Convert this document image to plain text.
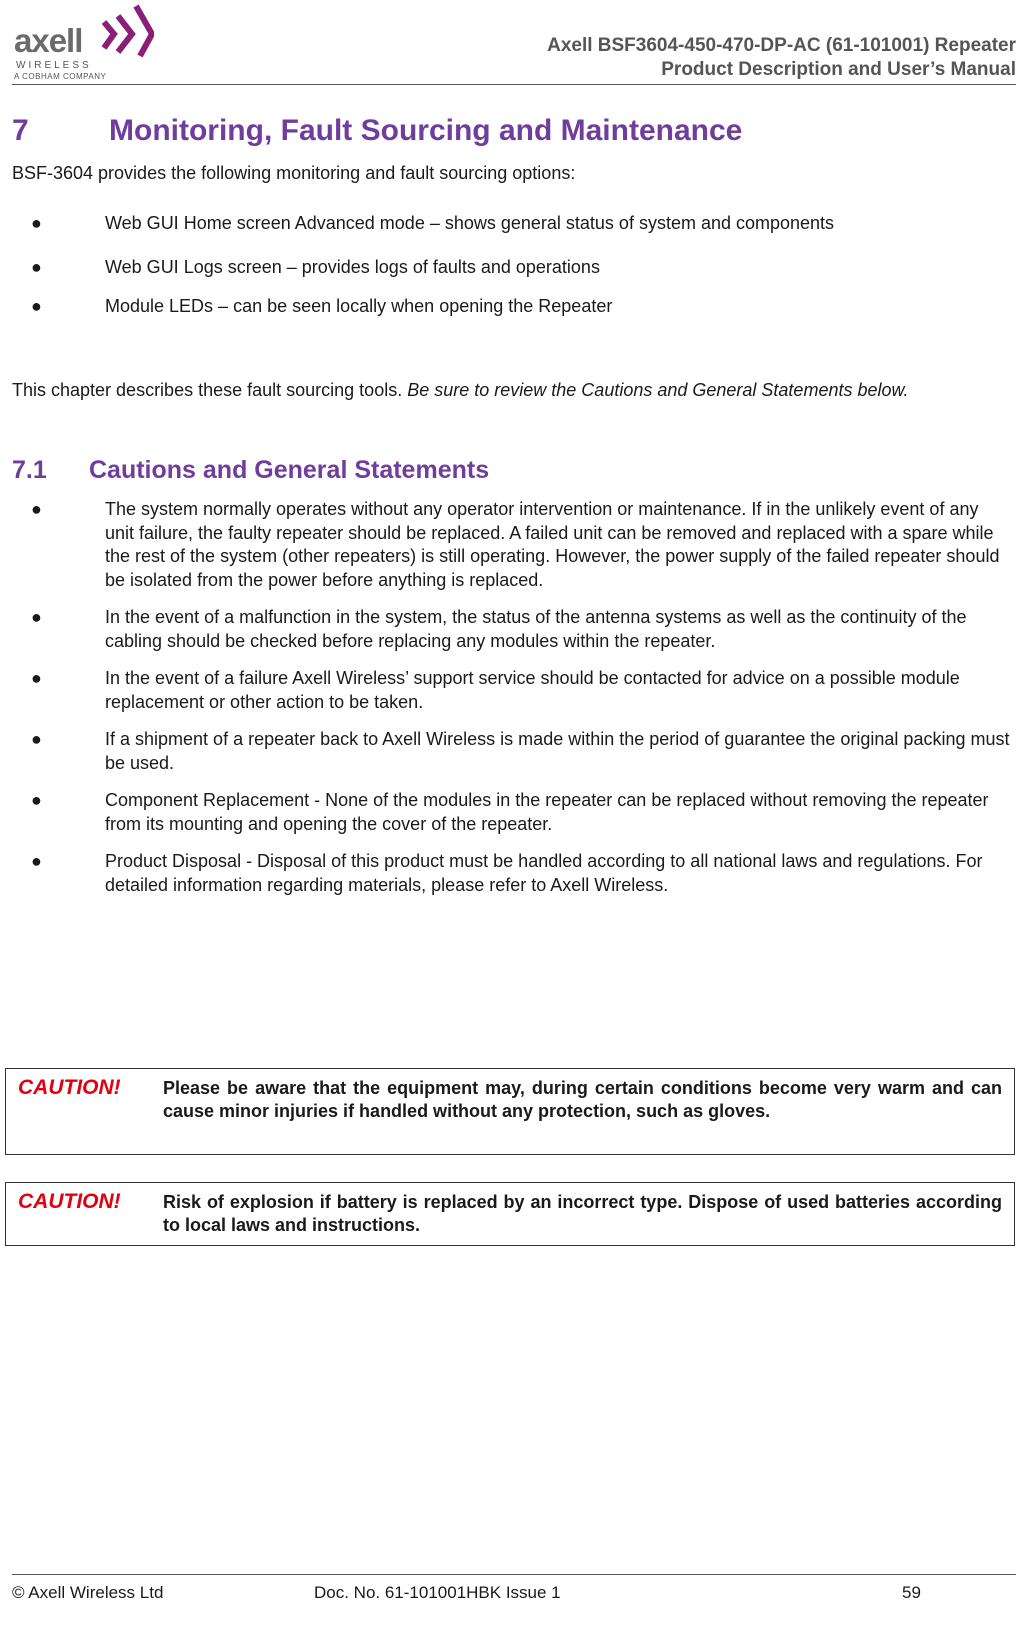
axell
WIRELESS
A COBHAM COMPANY
Axell BSF3604-450-470-DP-AC (61-101001) Repeater
Product Description and User’s Manual
7	Monitoring, Fault Sourcing and Maintenance

BSF-3604 provides the following monitoring and fault sourcing options:

●	Web GUI Home screen Advanced mode – shows general status of system and components
●	Web GUI Logs screen – provides logs of faults and operations
●	Module LEDs – can be seen locally when opening the Repeater

This chapter describes these fault sourcing tools. Be sure to review the Cautions and General Statements below.

7.1 Cautions and General Statements
●	The system normally operates without any operator intervention or maintenance. If in the unlikely event of any unit failure, the faulty repeater should be replaced. A failed unit can be removed and replaced with a spare while the rest of the system (other repeaters) is still operating. However, the power supply of the failed repeater should be isolated from the power before anything is replaced.
●	In the event of a malfunction in the system, the status of the antenna systems as well as the continuity of the cabling should be checked before replacing any modules within the repeater.
●	In the event of a failure Axell Wireless’ support service should be contacted for advice on a possible module replacement or other action to be taken.
●	If a shipment of a repeater back to Axell Wireless is made within the period of guarantee the original packing must be used.
●	Component Replacement - None of the modules in the repeater can be replaced without removing the repeater from its mounting and opening the cover of the repeater.
●	Product Disposal - Disposal of this product must be handled according to all national laws and regulations. For detailed information regarding materials, please refer to Axell Wireless.
CAUTION! Please be aware that the equipment may, during certain conditions become very warm and can cause minor injuries if handled without any protection, such as gloves.
CAUTION! Risk of explosion if battery is replaced by an incorrect type. Dispose of used batteries according to local laws and instructions.
© Axell Wireless Ltd	Doc. No. 61-101001HBK Issue 1	59
